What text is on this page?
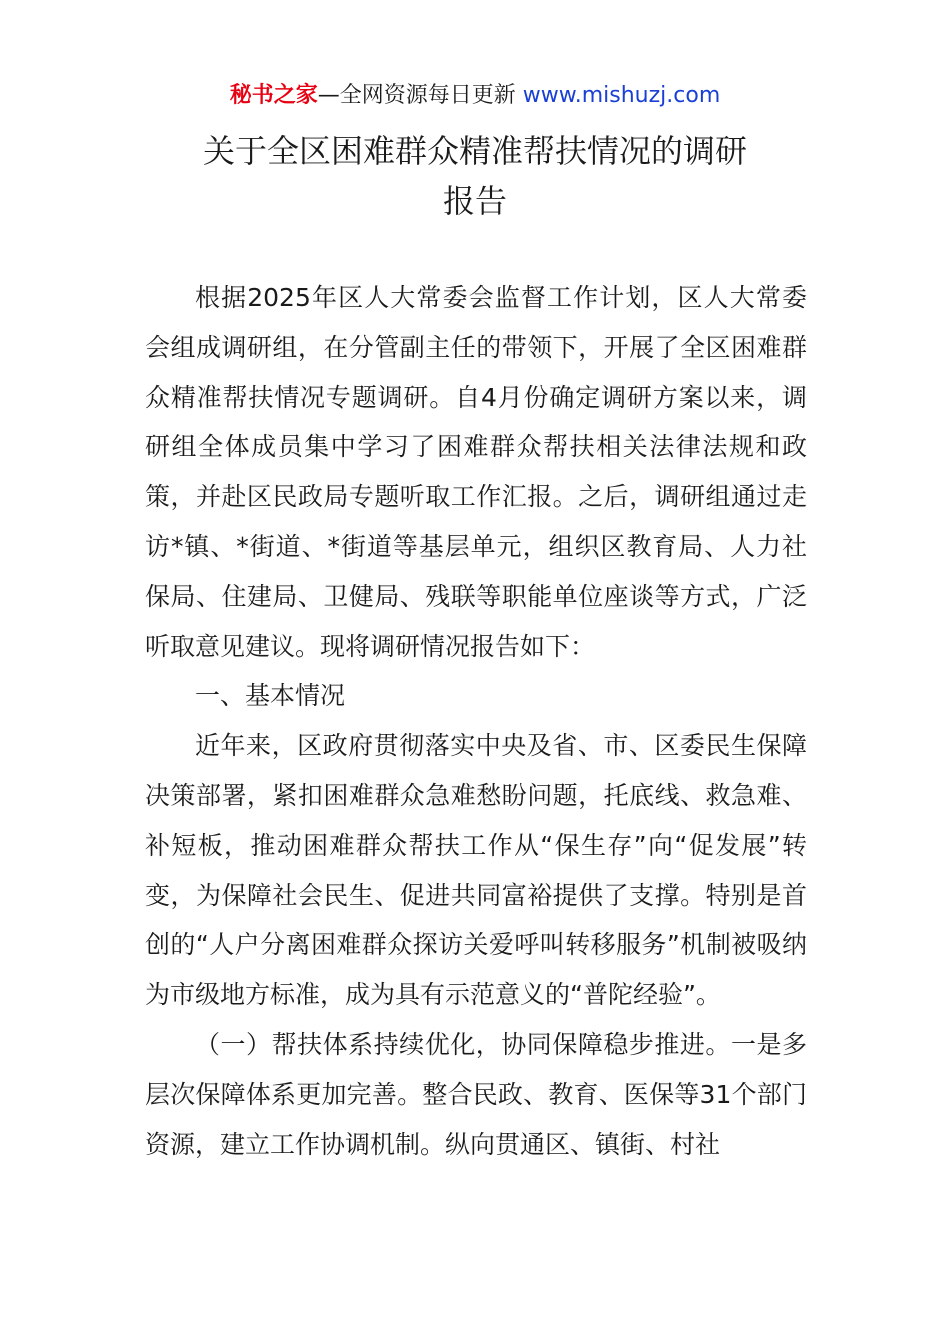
秘书之家—全网资源每日更新 www.mishuzj.com
关于全区困难群众精准帮扶情况的调研
报告

根据2025年区人大常委会监督工作计划，区人大常委会组成调研组，在分管副主任的带领下，开展了全区困难群众精准帮扶情况专题调研。自4月份确定调研方案以来，调研组全体成员集中学习了困难群众帮扶相关法律法规和政策，并赴区民政局专题听取工作汇报。之后，调研组通过走访*镇、*街道、*街道等基层单元，组织区教育局、人力社保局、住建局、卫健局、残联等职能单位座谈等方式，广泛听取意见建议。现将调研情况报告如下：

一、基本情况

近年来，区政府贯彻落实中央及省、市、区委民生保障决策部署，紧扣困难群众急难愁盼问题，托底线、救急难、补短板，推动困难群众帮扶工作从“保生存”向“促发展”转变，为保障社会民生、促进共同富裕提供了支撑。特别是首创的“人户分离困难群众探访关爱呼叫转移服务”机制被吸纳为市级地方标准，成为具有示范意义的“普陀经验”。

（一）帮扶体系持续优化，协同保障稳步推进。一是多层次保障体系更加完善。整合民政、教育、医保等31个部门资源，建立工作协调机制。纵向贯通区、镇街、村社
